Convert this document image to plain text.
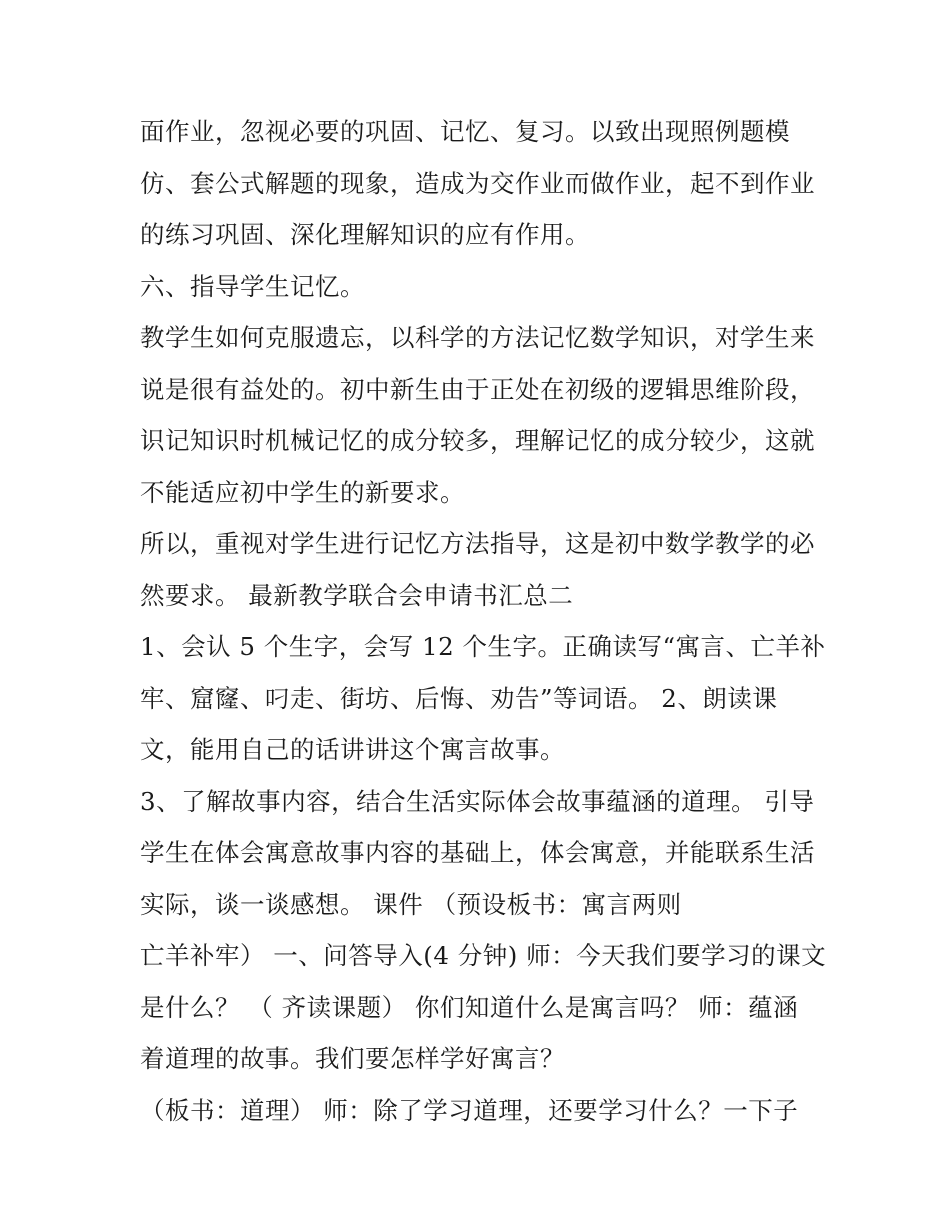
面作业，忽视必要的巩固、记忆、复习。以致出现照例题模
仿、套公式解题的现象，造成为交作业而做作业，起不到作业
的练习巩固、深化理解知识的应有作用。
六、指导学生记忆。
教学生如何克服遗忘，以科学的方法记忆数学知识，对学生来
说是很有益处的。初中新生由于正处在初级的逻辑思维阶段，
识记知识时机械记忆的成分较多，理解记忆的成分较少，这就
不能适应初中学生的新要求。
所以，重视对学生进行记忆方法指导，这是初中数学教学的必
然要求。 最新教学联合会申请书汇总二
1、会认 5 个生字，会写 12 个生字。正确读写“寓言、亡羊补
牢、窟窿、叼走、街坊、后悔、劝告”等词语。 2、朗读课
文，能用自己的话讲讲这个寓言故事。
3、了解故事内容，结合生活实际体会故事蕴涵的道理。 引导
学生在体会寓意故事内容的基础上，体会寓意，并能联系生活
实际，谈一谈感想。 课件 （预设板书：寓言两则
亡羊补牢） 一、问答导入(4 分钟) 师：今天我们要学习的课文
是什么？ （ 齐读课题） 你们知道什么是寓言吗？ 师：蕴涵
着道理的故事。我们要怎样学好寓言？
（板书：道理） 师：除了学习道理，还要学习什么？一下子
